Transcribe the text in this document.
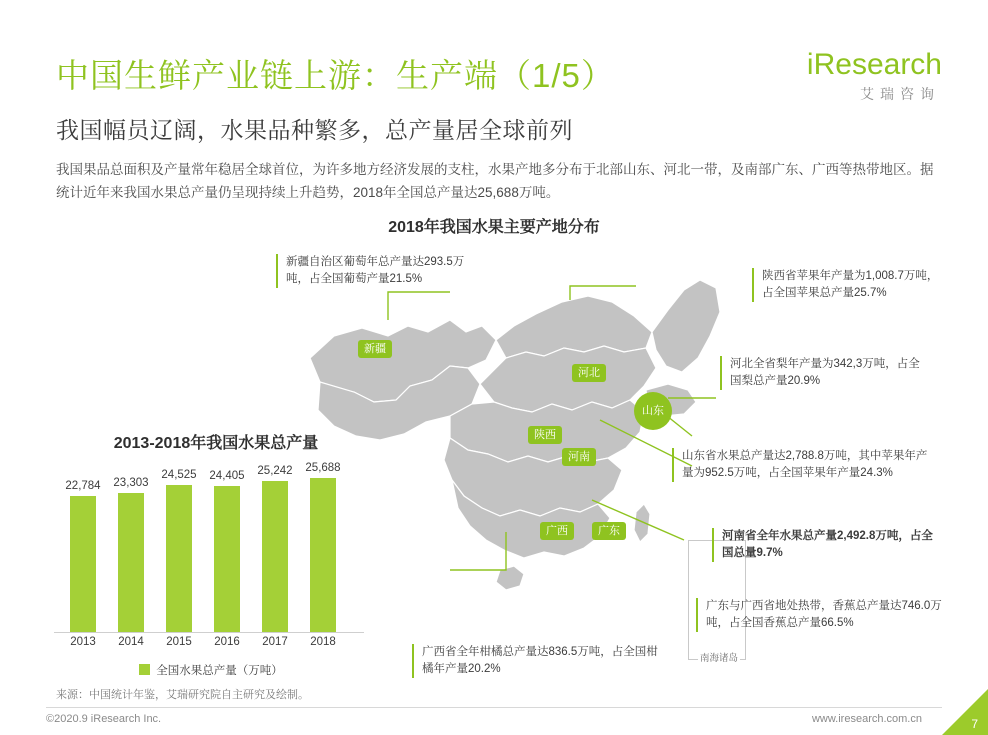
中国生鲜产业链上游：生产端（1/5）	iResearch
艾瑞咨询
我国幅员辽阔，水果品种繁多，总产量居全球前列
我国果品总面积及产量常年稳居全球首位，为许多地方经济发展的支柱，水果产地多分布于北部山东、河北一带，及南部广东、广西等热带地区。据统计近年来我国水果总产量仍呈现持续上升趋势，2018年全国总产量达25,688万吨。
2018年我国水果主要产地分布
新疆
河北
山东
陕西
河南
广西	广东
南海诸岛
新疆自治区葡萄年总产量达293.5万吨，占全国葡萄产量21.5%	陕西省苹果年产量为1,008.7万吨，占全国苹果总产量25.7%
河北全省梨年产量为342,3万吨，占全国梨总产量20.9%
山东省水果总产量达2,788.8万吨，其中苹果年产量为952.5万吨，占全国苹果年产量24.3%
河南省全年水果总产量2,492.8万吨，占全国总量9.7%
广东与广西省地处热带，香蕉总产量达746.0万吨，占全国香蕉总产量66.5%
广西省全年柑橘总产量达836.5万吨，占全国柑橘年产量20.2%
2013-2018年我国水果总产量
22,784 23,303
24,525 24,405 25,242 25,688
2013 2014 2015 2016 2017 2018
全国水果总产量（万吨）
来源：中国统计年鉴，艾瑞研究院自主研究及绘制。
©2020.9 iResearch Inc.	www.iresearch.com.cn	7
